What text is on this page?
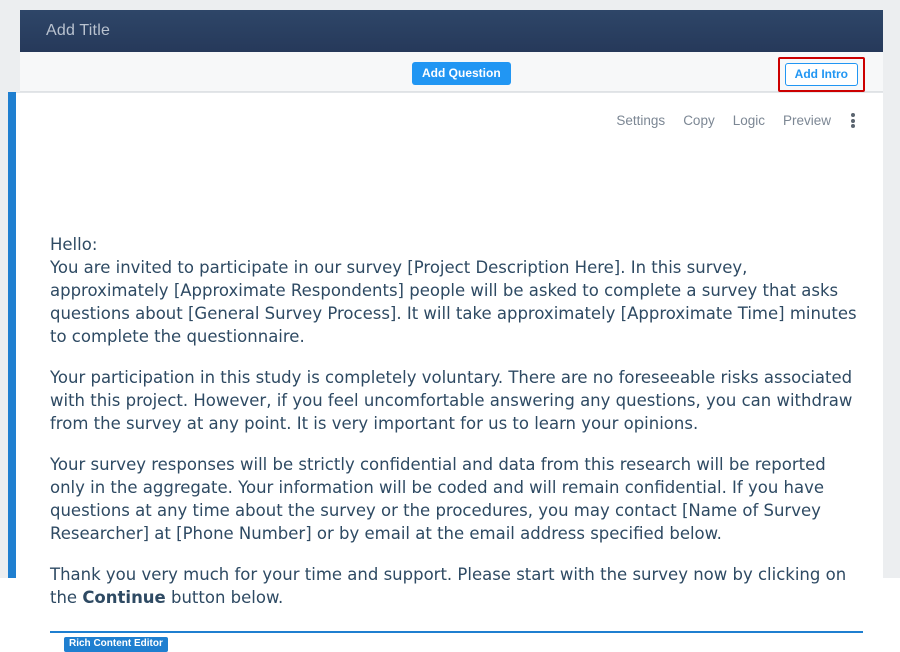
Add Title
Add Question	Add Intro
Settings Copy Logic Preview

Hello:

You are invited to participate in our survey [Project Description Here]. In this survey, approximately [Approximate Respondents] people will be asked to complete a survey that asks questions about [General Survey Process]. It will take approximately [Approximate Time] minutes to complete the questionnaire.

Your participation in this study is completely voluntary. There are no foreseeable risks associated with this project. However, if you feel uncomfortable answering any questions, you can withdraw from the survey at any point. It is very important for us to learn your opinions.

Your survey responses will be strictly confidential and data from this research will be reported only in the aggregate. Your information will be coded and will remain confidential. If you have questions at any time about the survey or the procedures, you may contact [Name of Survey Researcher] at [Phone Number] or by email at the email address specified below.

Thank you very much for your time and support. Please start with the survey now by clicking on the Continue button below.

Rich Content Editor
